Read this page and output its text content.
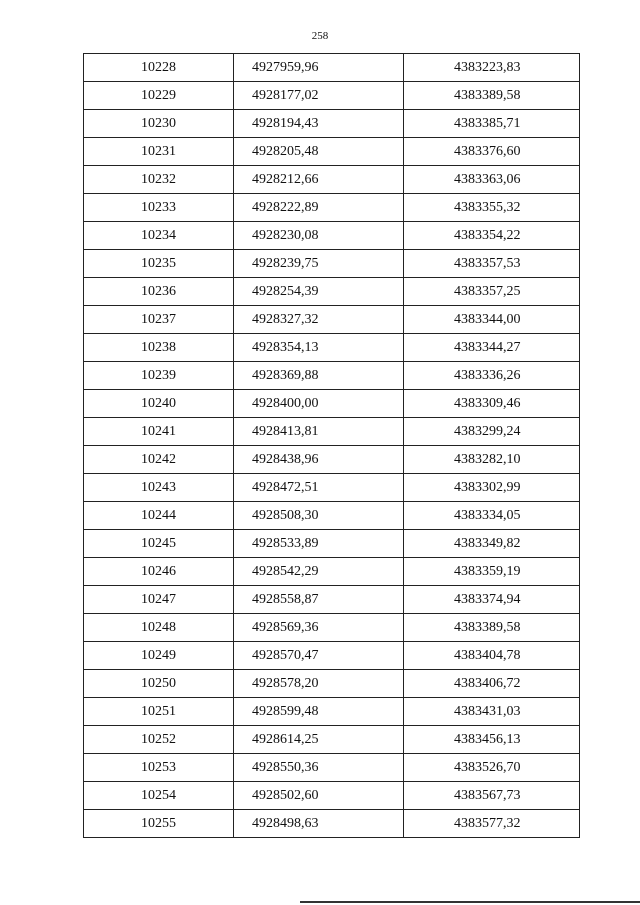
258
10228	4927959,96	4383223,83
10229	4928177,02	4383389,58
10230	4928194,43	4383385,71
10231	4928205,48	4383376,60
10232	4928212,66	4383363,06
10233	4928222,89	4383355,32
10234	4928230,08	4383354,22
10235	4928239,75	4383357,53
10236	4928254,39	4383357,25
10237	4928327,32	4383344,00
10238	4928354,13	4383344,27
10239	4928369,88	4383336,26
10240	4928400,00	4383309,46
10241	4928413,81	4383299,24
10242	4928438,96	4383282,10
10243	4928472,51	4383302,99
10244	4928508,30	4383334,05
10245	4928533,89	4383349,82
10246	4928542,29	4383359,19
10247	4928558,87	4383374,94
10248	4928569,36	4383389,58
10249	4928570,47	4383404,78
10250	4928578,20	4383406,72
10251	4928599,48	4383431,03
10252	4928614,25	4383456,13
10253	4928550,36	4383526,70
10254	4928502,60	4383567,73
10255	4928498,63	4383577,32
